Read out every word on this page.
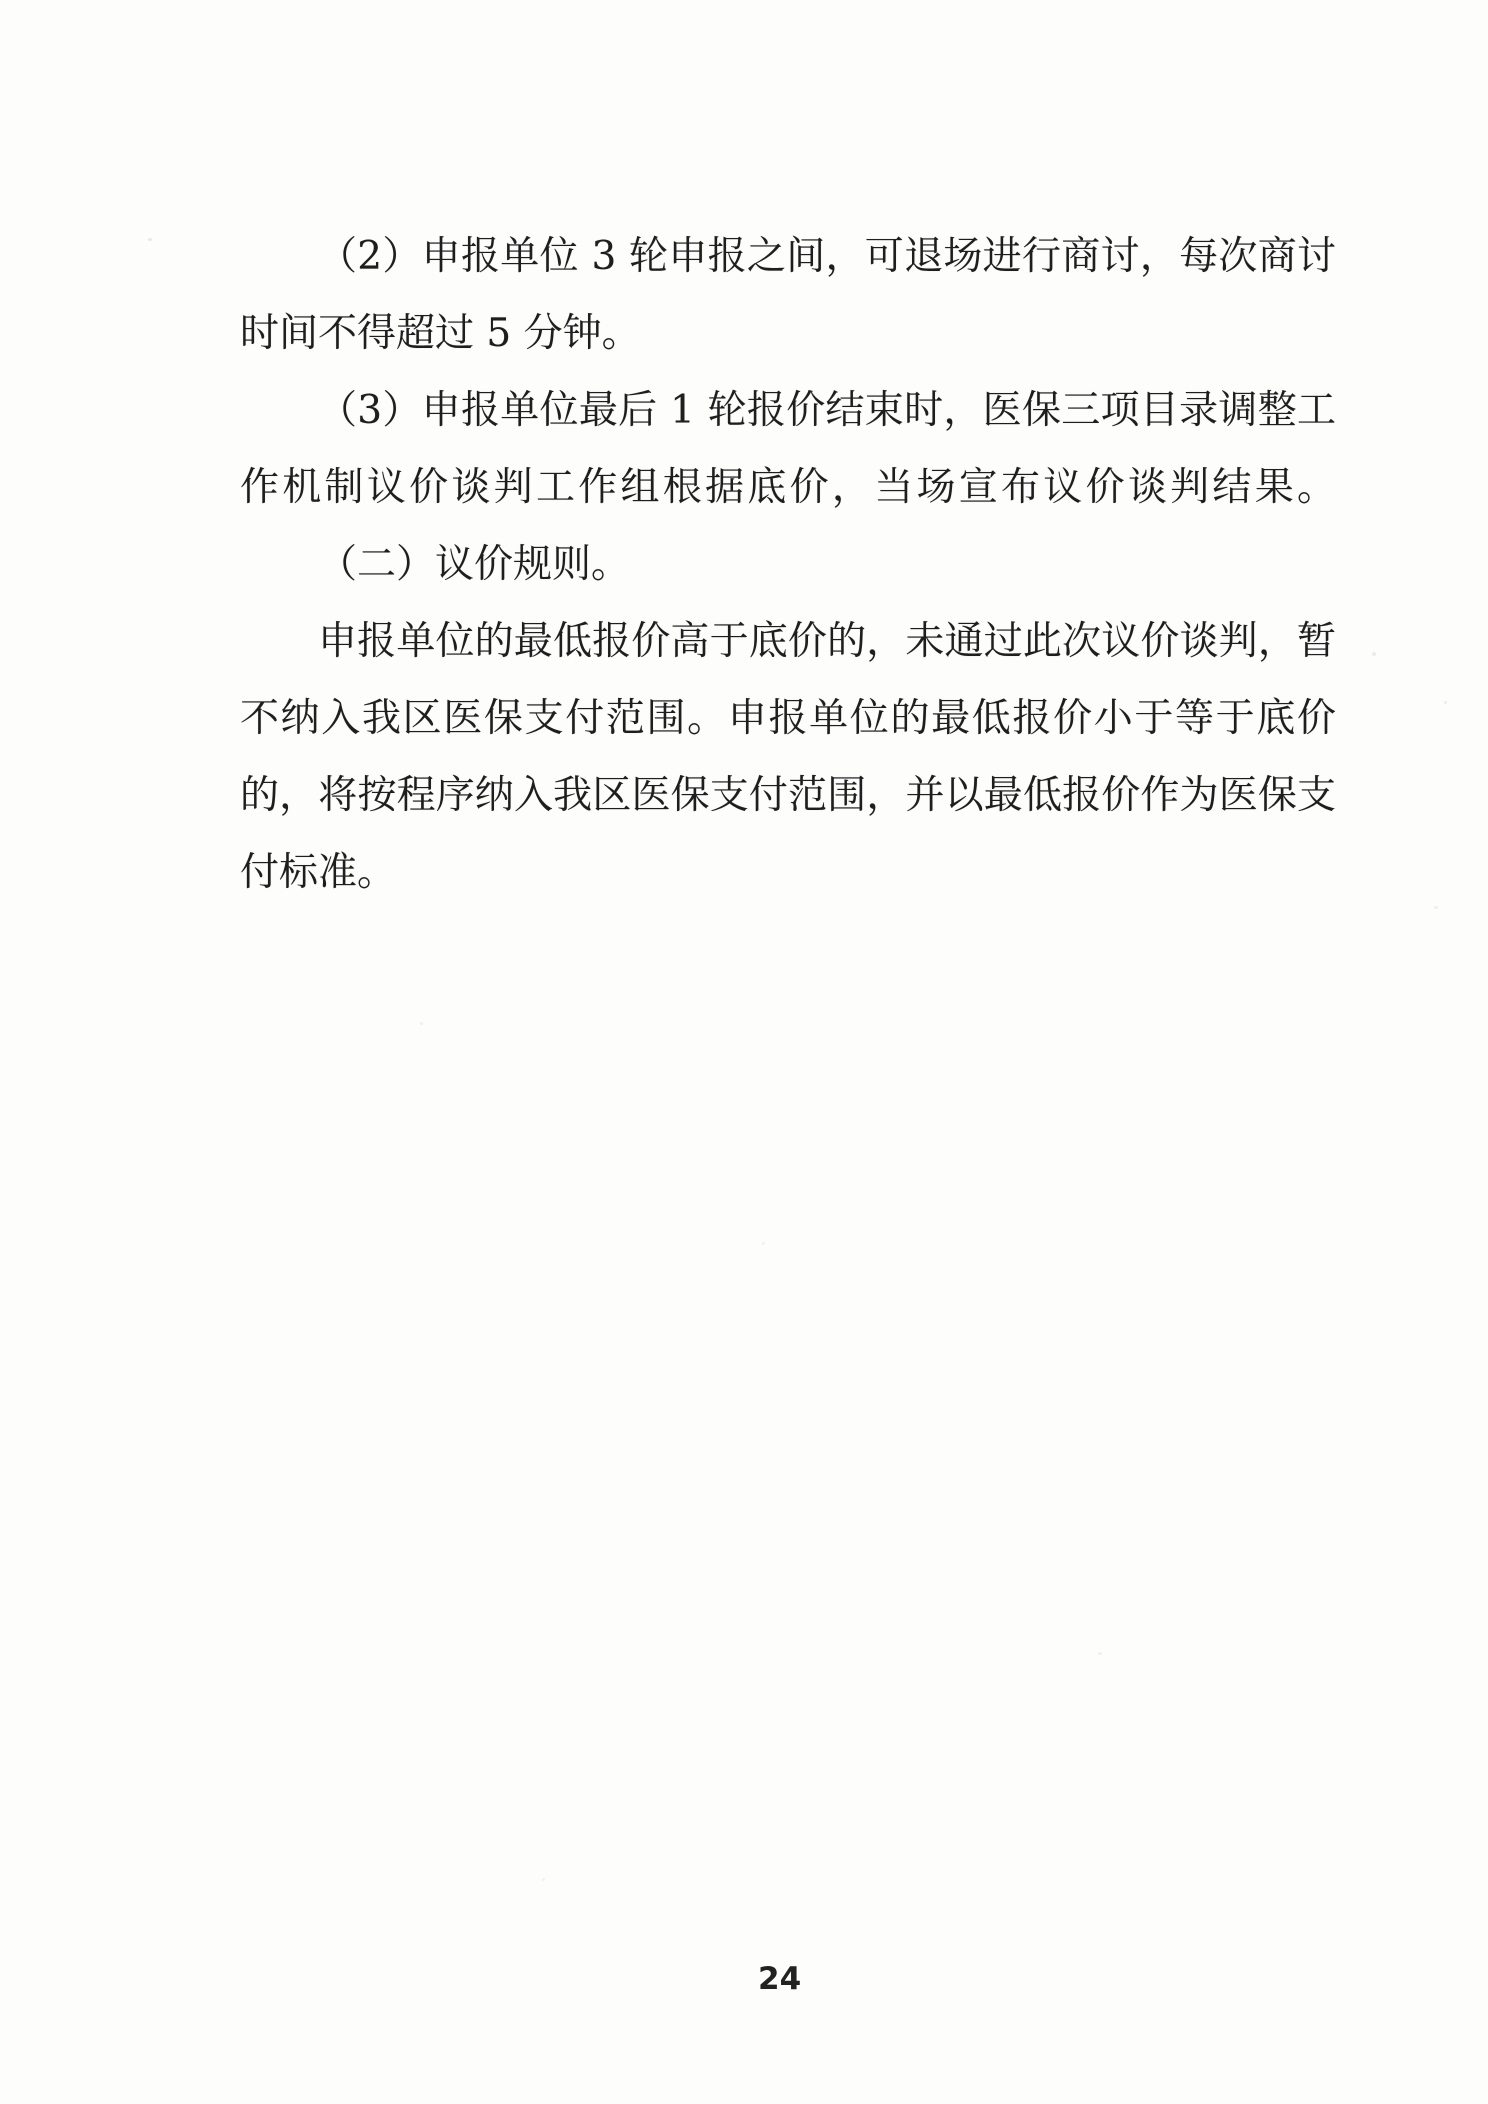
（2）申报单位 3 轮申报之间，可退场进行商讨，每次商讨

时间不得超过 5 分钟。

（3）申报单位最后 1 轮报价结束时，医保三项目录调整工

作机制议价谈判工作组根据底价，当场宣布议价谈判结果。

（二）议价规则。

申报单位的最低报价高于底价的，未通过此次议价谈判，暂

不纳入我区医保支付范围。申报单位的最低报价小于等于底价

的，将按程序纳入我区医保支付范围，并以最低报价作为医保支

付标准。

24
